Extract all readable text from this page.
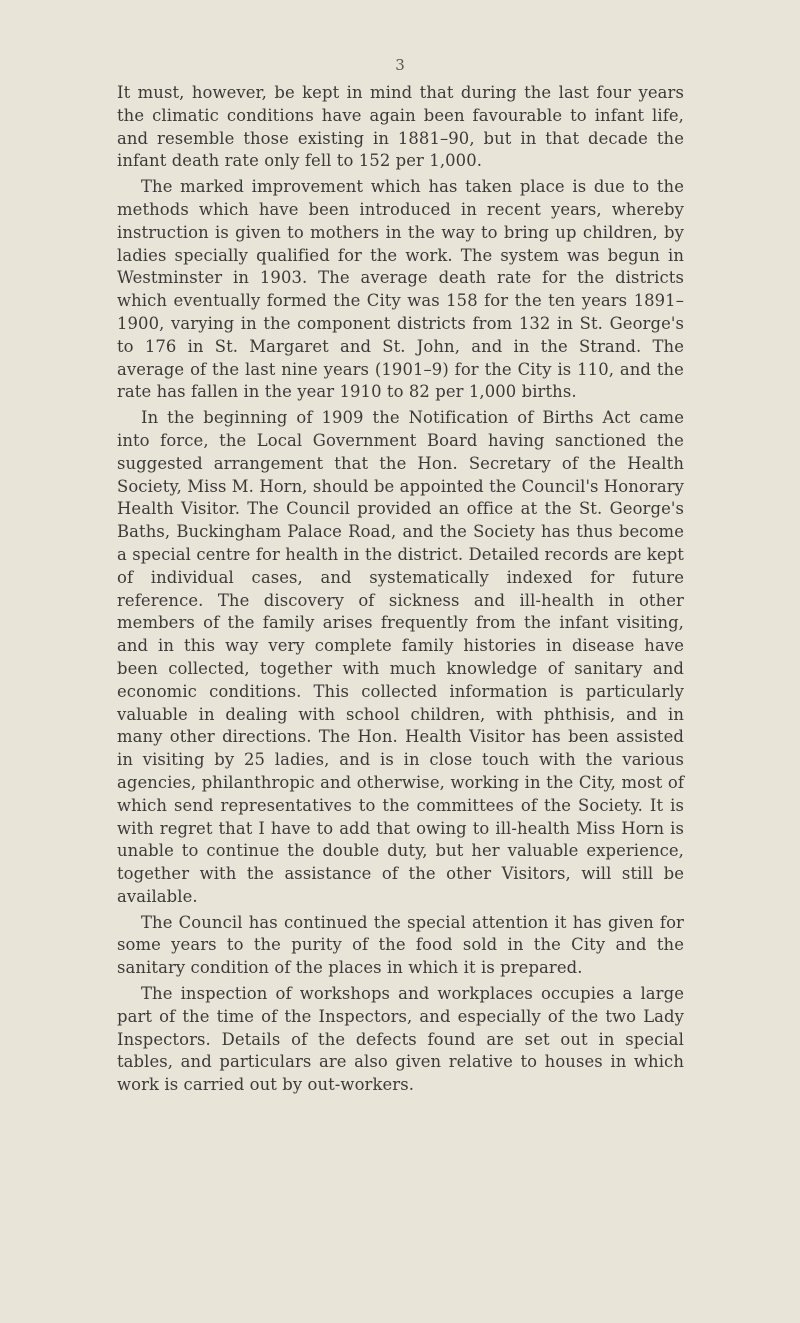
3

It must, however, be kept in mind that during the last four years the climatic conditions have again been favourable to infant life, and resemble those existing in 1881–90, but in that decade the infant death rate only fell to 152 per 1,000.

The marked improvement which has taken place is due to the methods which have been introduced in recent years, whereby instruction is given to mothers in the way to bring up children, by ladies specially qualified for the work. The system was begun in Westminster in 1903. The average death rate for the districts which eventually formed the City was 158 for the ten years 1891–1900, varying in the component districts from 132 in St. George's to 176 in St. Margaret and St. John, and in the Strand. The average of the last nine years (1901–9) for the City is 110, and the rate has fallen in the year 1910 to 82 per 1,000 births.

In the beginning of 1909 the Notification of Births Act came into force, the Local Government Board having sanctioned the suggested arrangement that the Hon. Secretary of the Health Society, Miss M. Horn, should be appointed the Council's Honorary Health Visitor. The Council provided an office at the St. George's Baths, Buckingham Palace Road, and the Society has thus become a special centre for health in the district. Detailed records are kept of individual cases, and systematically indexed for future reference. The discovery of sickness and ill-health in other members of the family arises frequently from the infant visiting, and in this way very complete family histories in disease have been collected, together with much knowledge of sanitary and economic conditions. This collected information is particularly valuable in dealing with school children, with phthisis, and in many other directions. The Hon. Health Visitor has been assisted in visiting by 25 ladies, and is in close touch with the various agencies, philanthropic and otherwise, working in the City, most of which send representatives to the committees of the Society. It is with regret that I have to add that owing to ill-health Miss Horn is unable to continue the double duty, but her valuable experience, together with the assistance of the other Visitors, will still be available.

The Council has continued the special attention it has given for some years to the purity of the food sold in the City and the sanitary condition of the places in which it is prepared.

The inspection of workshops and workplaces occupies a large part of the time of the Inspectors, and especially of the two Lady Inspectors. Details of the defects found are set out in special tables, and particulars are also given relative to houses in which work is carried out by out-workers.
